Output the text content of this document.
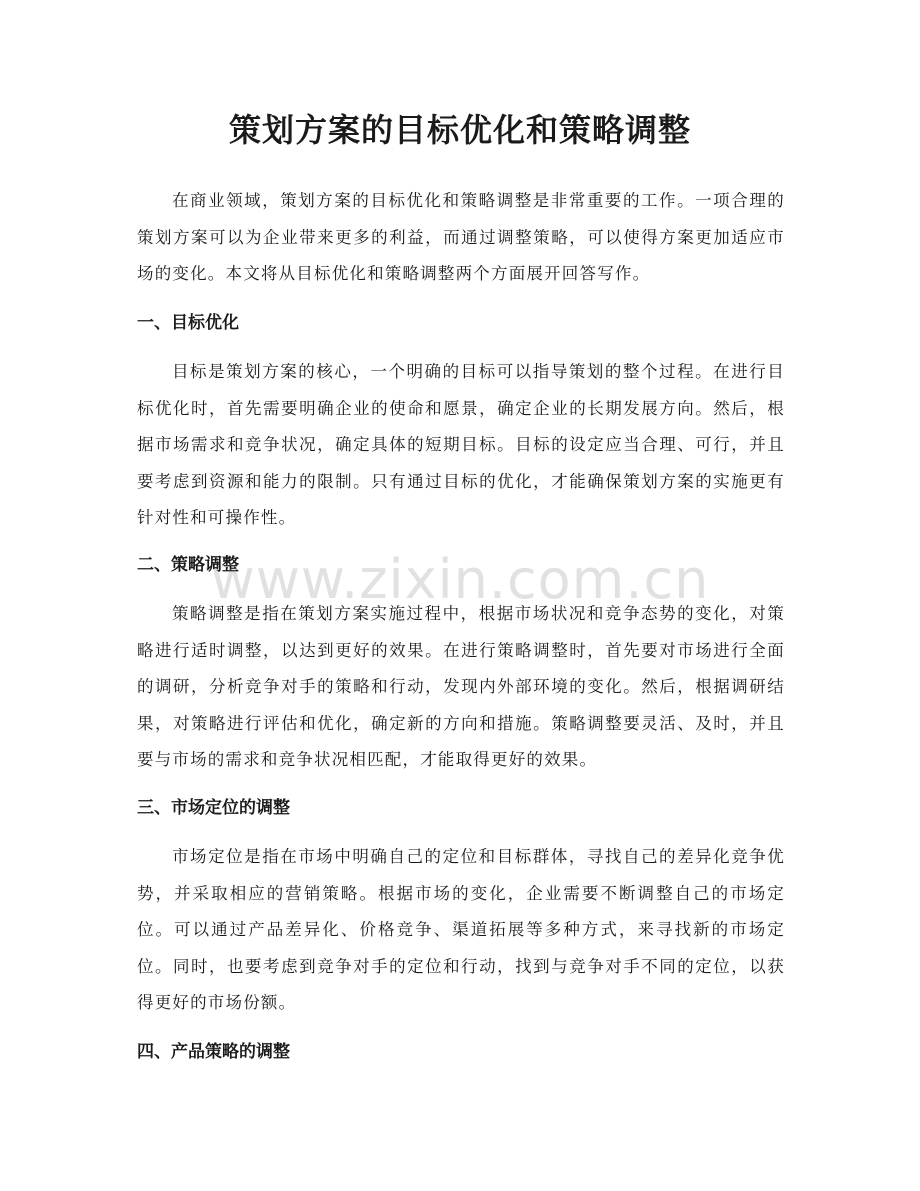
策划方案的目标优化和策略调整

在商业领域，策划方案的目标优化和策略调整是非常重要的工作。一项合理的策划方案可以为企业带来更多的利益，而通过调整策略，可以使得方案更加适应市场的变化。本文将从目标优化和策略调整两个方面展开回答写作。

一、目标优化

目标是策划方案的核心，一个明确的目标可以指导策划的整个过程。在进行目标优化时，首先需要明确企业的使命和愿景，确定企业的长期发展方向。然后，根据市场需求和竞争状况，确定具体的短期目标。目标的设定应当合理、可行，并且要考虑到资源和能力的限制。只有通过目标的优化，才能确保策划方案的实施更有针对性和可操作性。

二、策略调整

策略调整是指在策划方案实施过程中，根据市场状况和竞争态势的变化，对策略进行适时调整，以达到更好的效果。在进行策略调整时，首先要对市场进行全面的调研，分析竞争对手的策略和行动，发现内外部环境的变化。然后，根据调研结果，对策略进行评估和优化，确定新的方向和措施。策略调整要灵活、及时，并且要与市场的需求和竞争状况相匹配，才能取得更好的效果。

三、市场定位的调整

市场定位是指在市场中明确自己的定位和目标群体，寻找自己的差异化竞争优势，并采取相应的营销策略。根据市场的变化，企业需要不断调整自己的市场定位。可以通过产品差异化、价格竞争、渠道拓展等多种方式，来寻找新的市场定位。同时，也要考虑到竞争对手的定位和行动，找到与竞争对手不同的定位，以获得更好的市场份额。

四、产品策略的调整
www.zixin.com.cn
